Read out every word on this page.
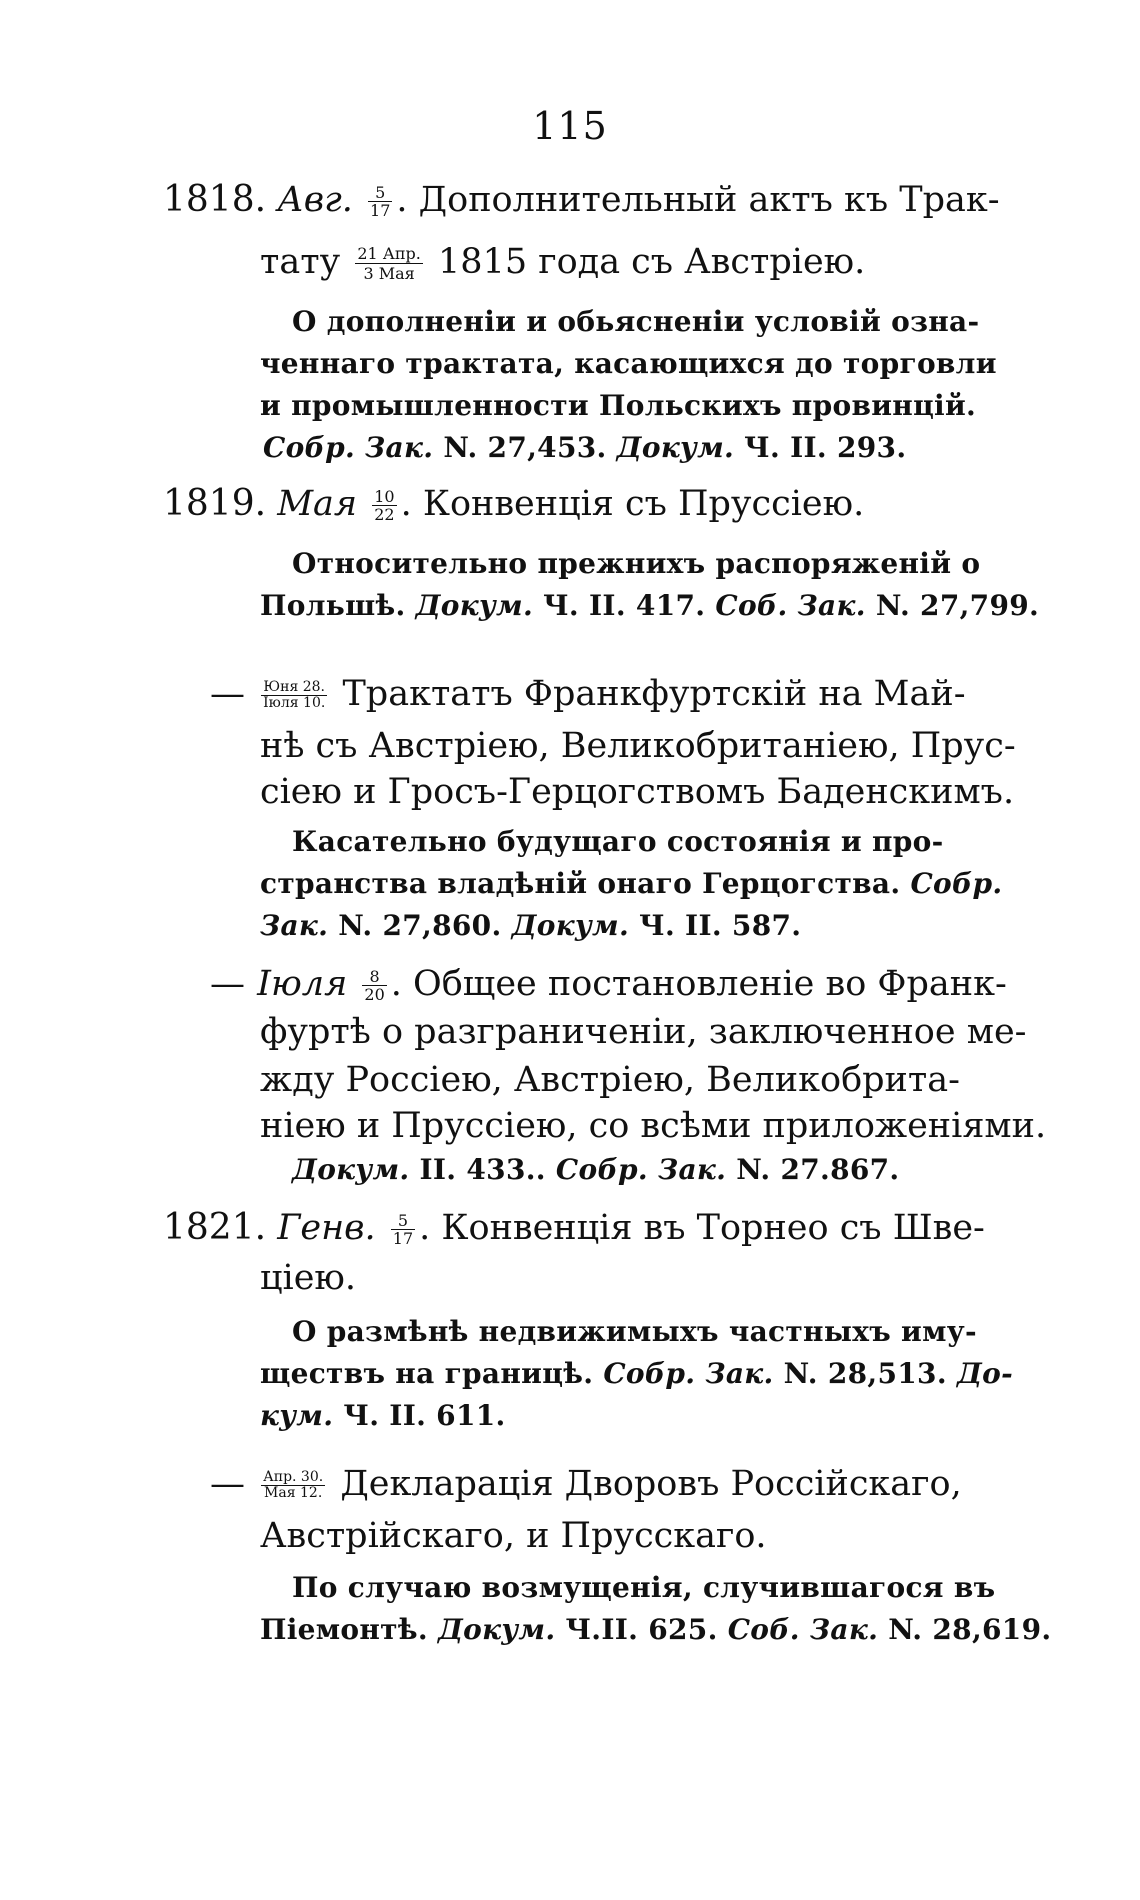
115
1818. Авг. $\frac{5}{17}$ . Дополнительный актъ къ Трак-
тату $\frac{\text{21 Апр.}}{\text{3 Мая}} 1815$ года съ Австріею.
О дополненіи и обьясненіи условій озна-
ченнаго трактата, касающихся до торговли
и промышленности Польскихъ провинцій.
Собр. Зак. N. 27,453. Докум. Ч. II. 293.
1819. Мая $\frac{10}{22}$ . Конвенція съ Пруссіею.
Относительно прежнихъ распоряженій о
Польшѣ. Докум. Ч. II. 417. Соб. Зак. N. 27,799.
— $\frac{\text{Юня 28.}}{\text{Іюля 10.}}$ Трактатъ Франкфуртскій на Май-
нѣ съ Австріею, Великобританіею, Прус-
сіею и Гросъ-Герцогствомъ Баденскимъ.
Касательно будущаго состоянія и про-
странства владѣній онаго Герцогства. Собр.
Зак. N. 27,860. Докум. Ч. II. 587.
— Іюля $\frac{8}{20}$ . Общее постановленіе во Франк-
фуртѣ о разграниченіи, заключенное ме-
жду Россіею, Австріею, Великобрита-
ніею и Пруссіею, со всѣми приложеніями.
Докум. II. 433.. Собр. Зак. N. 27.867.
1821. Генв. $\frac{5}{17}$ . Конвенція въ Торнео съ Шве-
ціею.
О размѣнѣ недвижимыхъ частныхъ иму-
ществъ на границѣ. Собр. Зак. N. 28,513. До-
кум. Ч. II. 611.
— $\frac{\text{Апр. 30.}}{\text{Мая 12.}}$ Декларація Дворовъ Россійскаго,
Австрійскаго, и Прусскаго.
По случаю возмущенія, случившагося въ
Піемонтѣ. Докум. Ч.II. 625. Соб. Зак. N. 28,619.
